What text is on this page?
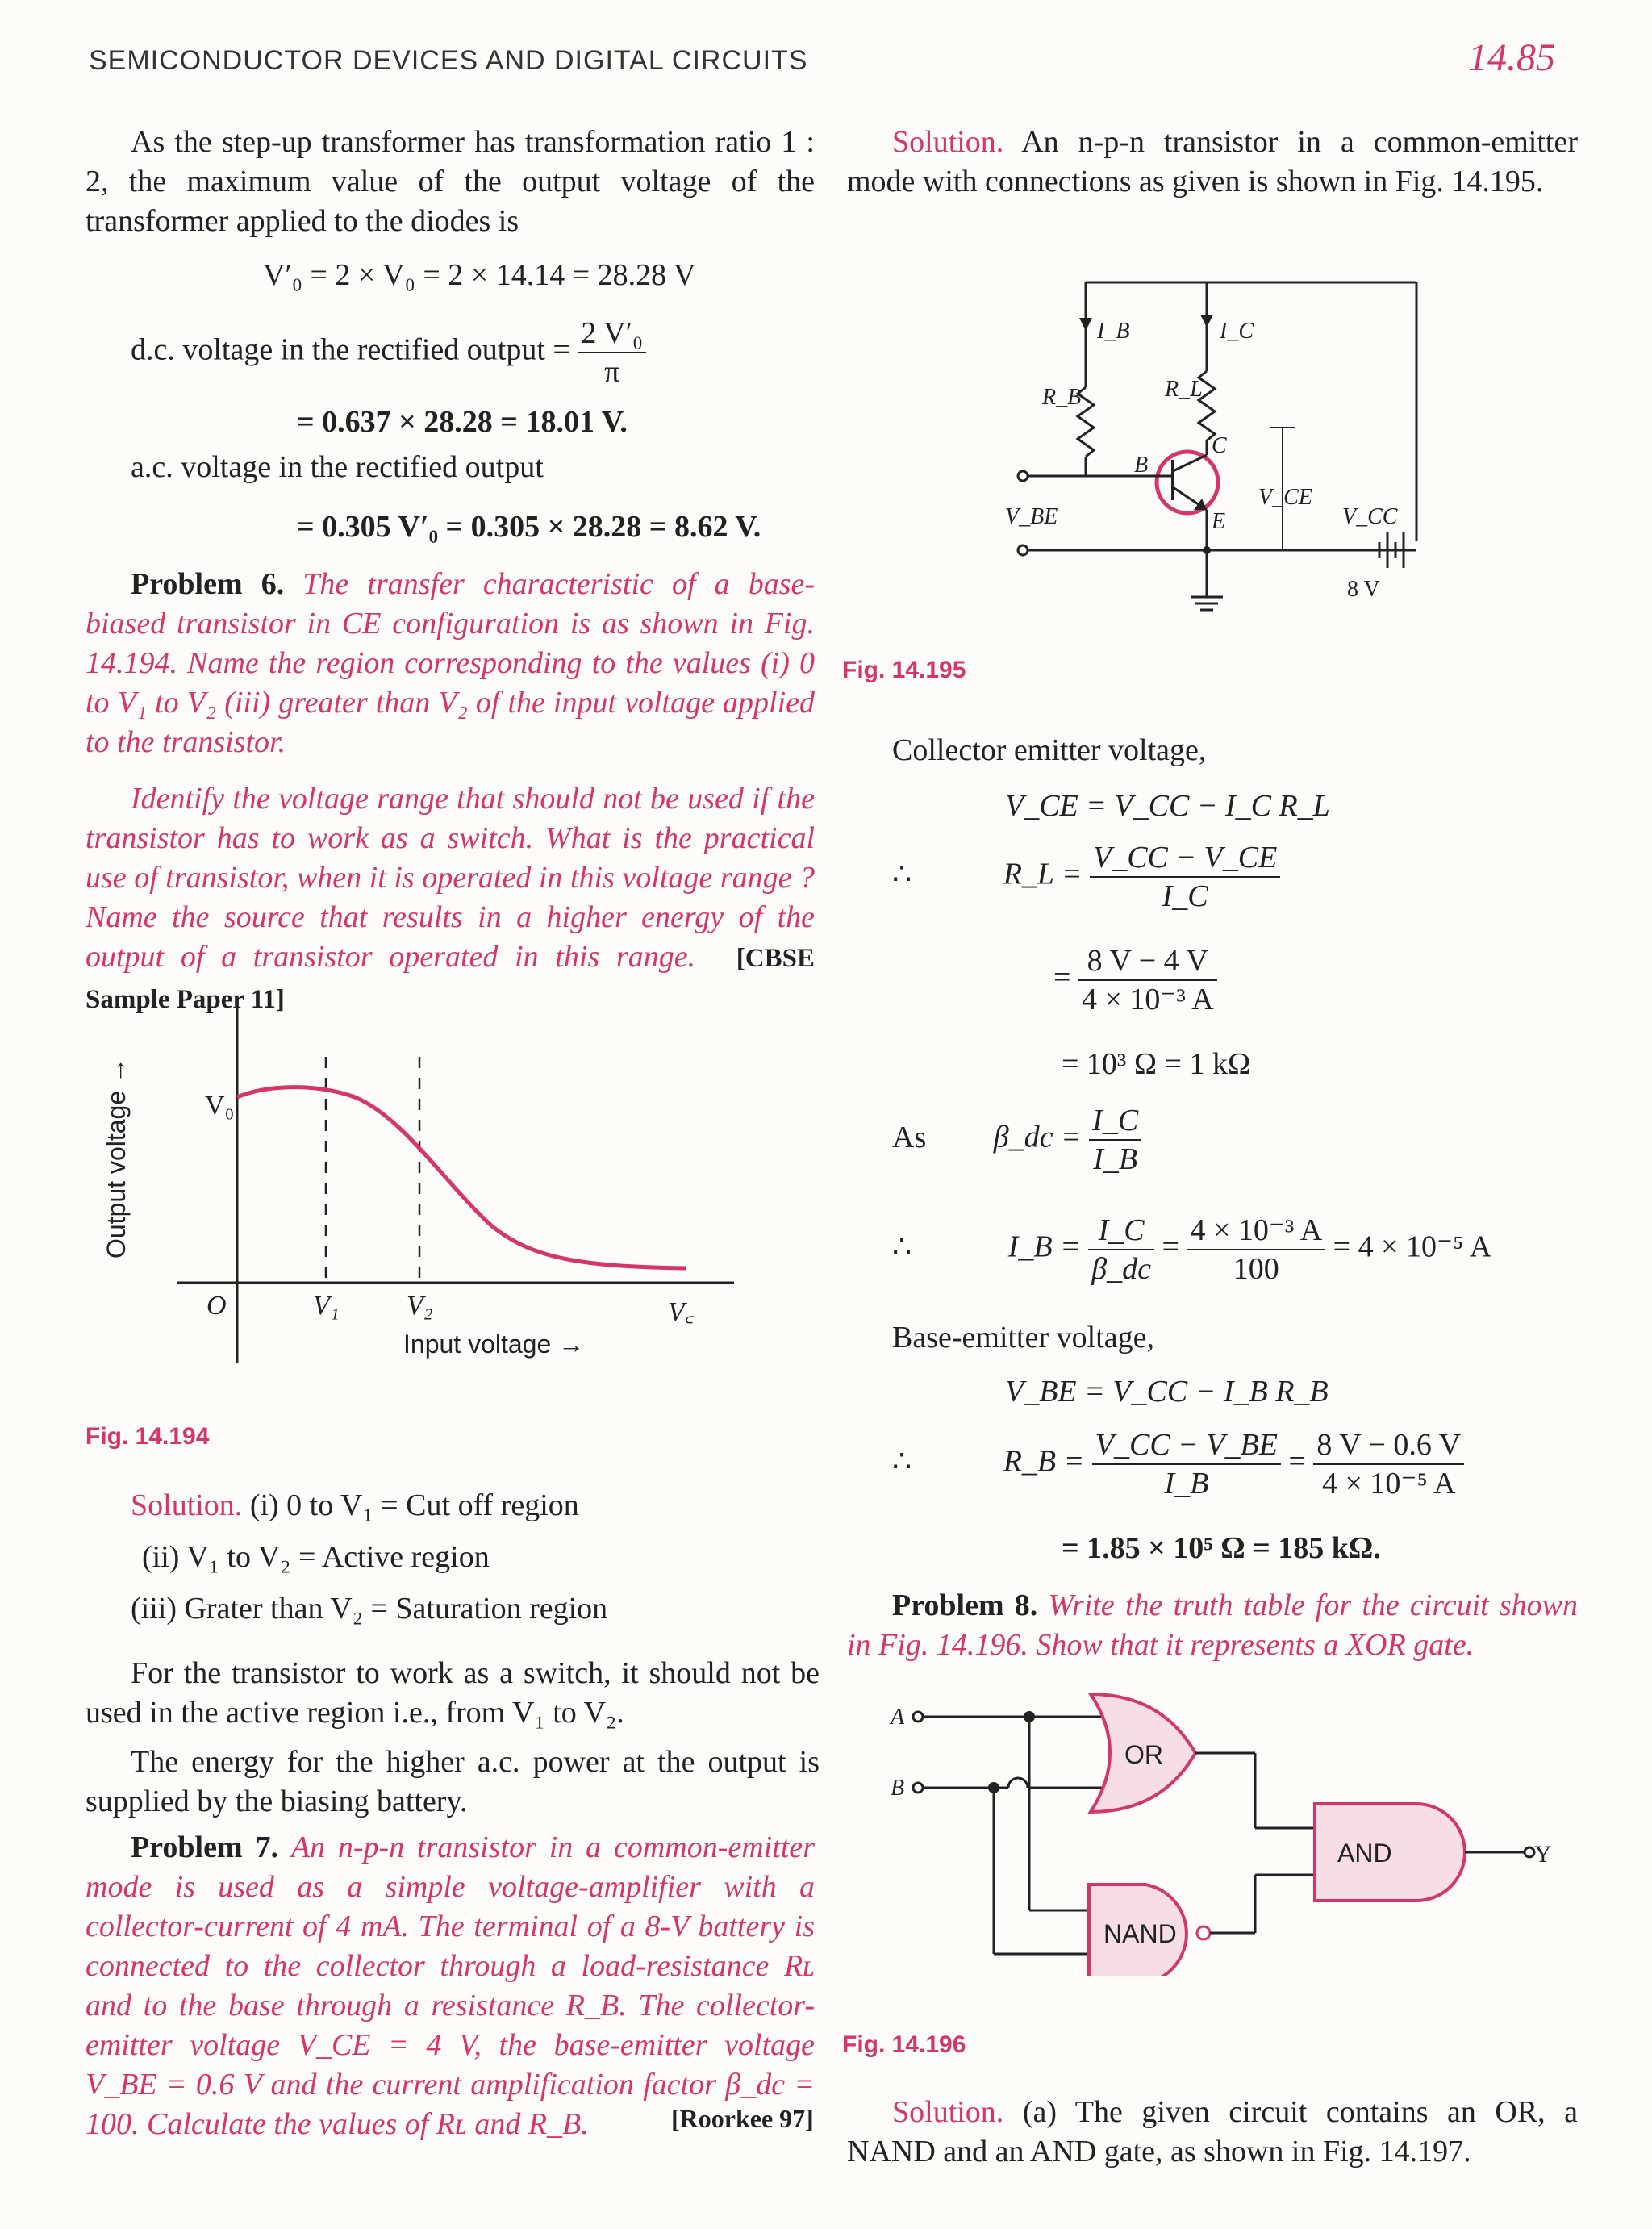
SEMICONDUCTOR DEVICES AND DIGITAL CIRCUITS	14.85
As the step-up transformer has transformation ratio 1 : 2, the maximum value of the output voltage of the transformer applied to the diodes is
V′₀ = 2 × V₀ = 2 × 14.14 = 28.28 V
d.c. voltage in the rectified output = $\frac{\text{2 V′₀}}{\pi}$
= 0.637 × 28.28 = 18.01 V.
a.c. voltage in the rectified output
= 0.305 V′₀ = 0.305 × 28.28 = 8.62 V.
Problem 6. The transfer characteristic of a base-biased transistor in CE configuration is as shown in Fig. 14.194. Name the region corresponding to the values (i) 0 to V₁ to V₂ (iii) greater than V₂ of the input voltage applied to the transistor.
Identify the voltage range that should not be used if the transistor has to work as a switch. What is the practical use of transistor, when it is operated in this voltage range ? Name the source that results in a higher energy of the output of a transistor operated in this range. [CBSE Sample Paper 11]
Output voltage →	V₀
O	V₁ V₂	V꜀
Input voltage →
Fig. 14.194
Solution. (i) 0 to V₁ = Cut off region
(ii) V₁ to V₂ = Active region
(iii) Grater than V₂ = Saturation region
For the transistor to work as a switch, it should not be used in the active region i.e., from V₁ to V₂.
The energy for the higher a.c. power at the output is supplied by the biasing battery.
Problem 7. An n-p-n transistor in a common-emitter mode is used as a simple voltage-amplifier with a collector-current of 4 mA. The terminal of a 8-V battery is connected to the collector through a load-resistance Rʟ and to the base through a resistance R_B. The collector-emitter voltage V_CE = 4 V, the base-emitter voltage V_BE = 0.6 V and the current amplification factor β_dc = 100. Calculate the values of Rʟ and R_B.	[Roorkee 97]
Solution. An n-p-n transistor in a common-emitter mode with connections as given is shown in Fig. 14.195.
I_B	I_C
R_B	R_L
B
C
E
V_BE
V_CE
V_CC
8 V
Fig. 14.195
Collector emitter voltage,
V_CE = V_CC − I_C R_L
∴	R_L = $\frac{V\_CC - V\_CE}{I\_C}$
= $\frac{8 V - 4 V}{\text{4 × 10⁻³ A}}$
= 10³ Ω = 1 kΩ
As β_dc = $\frac{I\_C}{I\_B}$
∴	I_B = $\frac{I\_C}{\beta\_dc} = \frac{\text{4 × 10⁻³ A}}{100} = 4 \times 10^{-5}$ A
Base-emitter voltage,
V_BE = V_CC − I_B R_B
∴	R_B = $\frac{V\_CC - V\_BE}{I\_B} = \frac{8 V - 0.6 V}{\text{4 × 10⁻⁵ A}}$
= 1.85 × 10⁵ Ω = 185 kΩ.
Problem 8. Write the truth table for the circuit shown in Fig. 14.196. Show that it represents a XOR gate.
A
B
OR
NAND
AND	Y
Fig. 14.196
Solution. (a) The given circuit contains an OR, a NAND and an AND gate, as shown in Fig. 14.197.
